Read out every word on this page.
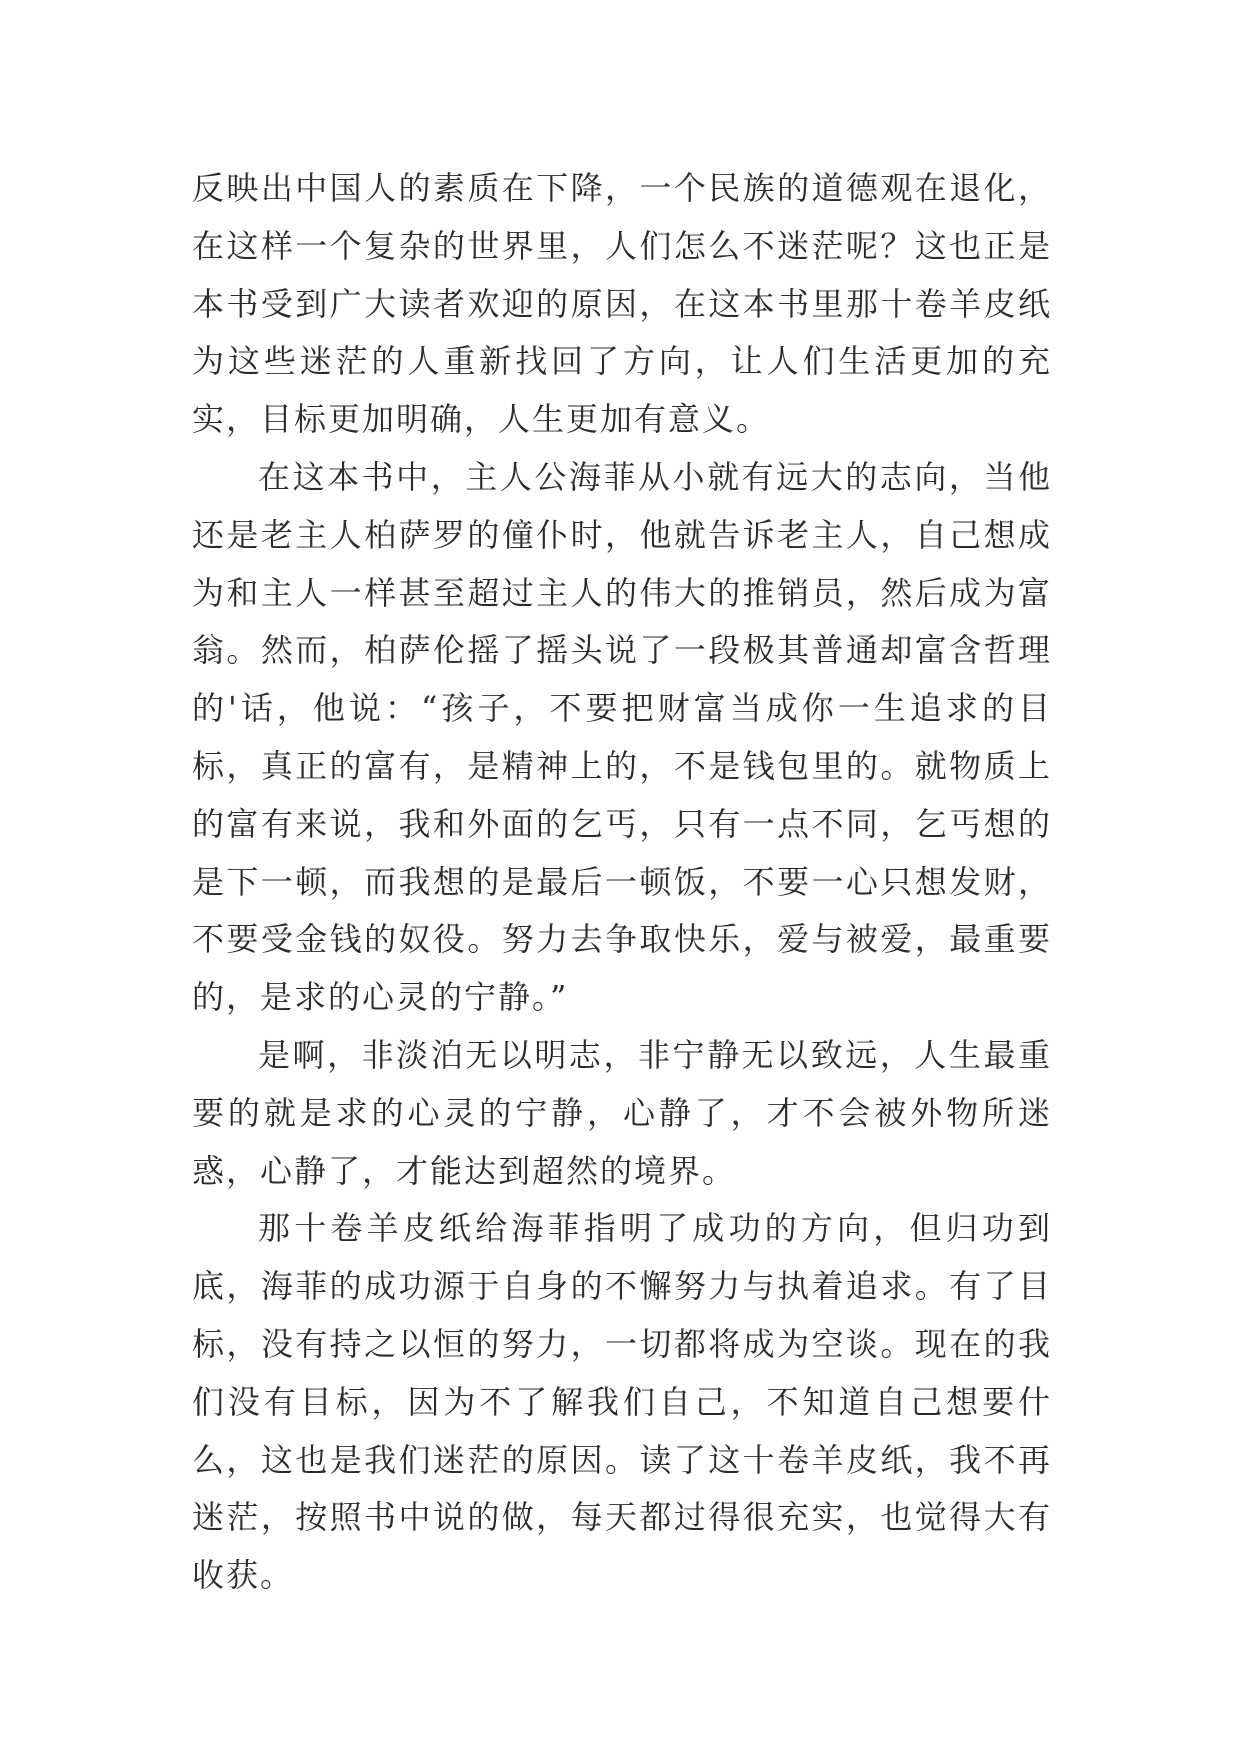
反映出中国人的素质在下降，一个民族的道德观在退化，在这样一个复杂的世界里，人们怎么不迷茫呢？这也正是本书受到广大读者欢迎的原因，在这本书里那十卷羊皮纸为这些迷茫的人重新找回了方向，让人们生活更加的充实，目标更加明确，人生更加有意义。

在这本书中，主人公海菲从小就有远大的志向，当他还是老主人柏萨罗的僮仆时，他就告诉老主人，自己想成为和主人一样甚至超过主人的伟大的推销员，然后成为富翁。然而，柏萨伦摇了摇头说了一段极其普通却富含哲理的'话，他说：“孩子，不要把财富当成你一生追求的目标，真正的富有，是精神上的，不是钱包里的。就物质上的富有来说，我和外面的乞丐，只有一点不同，乞丐想的是下一顿，而我想的是最后一顿饭，不要一心只想发财，不要受金钱的奴役。努力去争取快乐，爱与被爱，最重要的，是求的心灵的宁静。”

是啊，非淡泊无以明志，非宁静无以致远，人生最重要的就是求的心灵的宁静，心静了，才不会被外物所迷惑，心静了，才能达到超然的境界。

那十卷羊皮纸给海菲指明了成功的方向，但归功到底，海菲的成功源于自身的不懈努力与执着追求。有了目标，没有持之以恒的努力，一切都将成为空谈。现在的我们没有目标，因为不了解我们自己，不知道自己想要什么，这也是我们迷茫的原因。读了这十卷羊皮纸，我不再迷茫，按照书中说的做，每天都过得很充实，也觉得大有收获。
